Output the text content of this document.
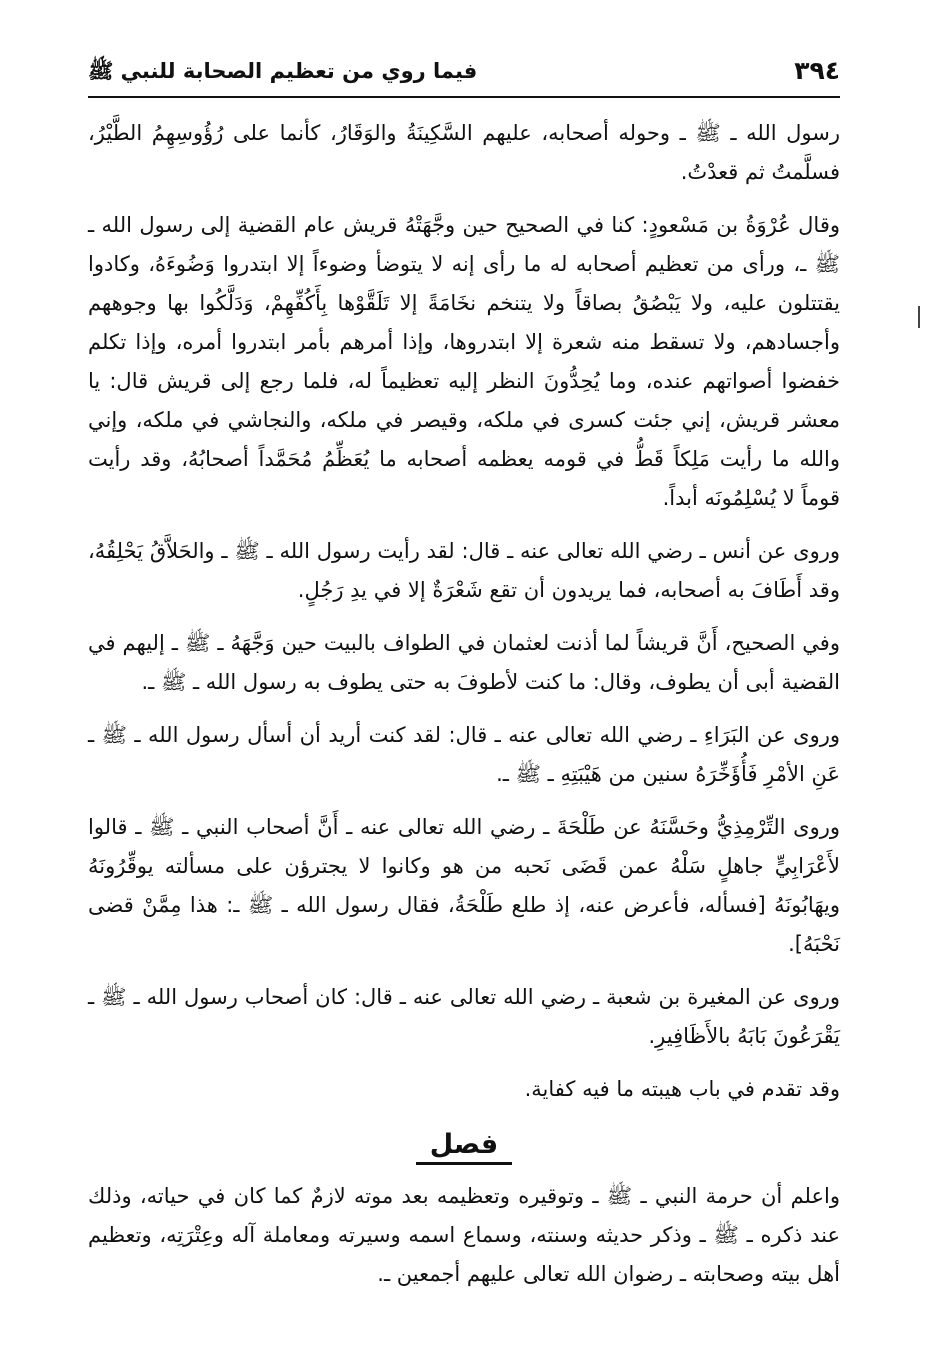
٣٩٤
فيما روي من تعظيم الصحابة للنبي ﷺ

رسول الله ـ ﷺ ـ وحوله أصحابه، عليهم السَّكِينَةُ والوَقَارُ، كأنما على رُؤُوسِهِمُ الطَّيْرُ، فسلَّمتُ ثم قعدْتُ.

وقال عُرْوَةُ بن مَسْعودٍ: كنا في الصحيح حين وجَّهَتْهُ قريش عام القضية إلى رسول الله ـ ﷺ ـ، ورأى من تعظيم أصحابه له ما رأى إنه لا يتوضأ وضوءاً إلا ابتدروا وَضُوءَهُ، وكادوا يقتتلون عليه، ولا يَبْصُقُ بصاقاً ولا يتنخم نخَامَةً إلا تَلَقَّوْها بِأَكُفِّهِمْ، وَدَلَّكُوا بها وجوههم وأجسادهم، ولا تسقط منه شعرة إلا ابتدروها، وإذا أمرهم بأمر ابتدروا أمره، وإذا تكلم خفضوا أصواتهم عنده، وما يُحِدُّونَ النظر إليه تعظيماً له، فلما رجع إلى قريش قال: يا معشر قريش، إني جئت كسرى في ملكه، وقيصر في ملكه، والنجاشي في ملكه، وإني والله ما رأيت مَلِكاً قَطُّ في قومه يعظمه أصحابه ما يُعَظِّمُ مُحَمَّداً أصحابُهُ، وقد رأيت قوماً لا يُسْلِمُونَه أبداً.

وروى عن أنس ـ رضي الله تعالى عنه ـ قال: لقد رأيت رسول الله ـ ﷺ ـ والحَلاَّقُ يَحْلِقُهُ، وقد أَطَافَ به أصحابه، فما يريدون أن تقع شَعْرَةٌ إلا في يدِ رَجُلٍ.

وفي الصحيح، أَنَّ قريشاً لما أذنت لعثمان في الطواف بالبيت حين وَجَّهَهُ ـ ﷺ ـ إليهم في القضية أبى أن يطوف، وقال: ما كنت لأطوفَ به حتى يطوف به رسول الله ـ ﷺ ـ.

وروى عن البَرَاءِ ـ رضي الله تعالى عنه ـ قال: لقد كنت أريد أن أسأل رسول الله ـ ﷺ ـ عَنِ الأمْرِ فَأُؤَخِّرَهُ سنين من هَيْبَتِهِ ـ ﷺ ـ.

وروى التِّرْمِذِيُّ وحَسَّنَهُ عن طَلْحَةَ ـ رضي الله تعالى عنه ـ أَنَّ أصحاب النبي ـ ﷺ ـ قالوا لأَعْرَابِيٍّ جاهلٍ سَلْهُ عمن قَضَى نَحبه من هو وكانوا لا يجترؤن على مسألته يوقِّرُونَهُ ويهَابُونَهُ [فسأله، فأعرض عنه، إذ طلع طَلْحَةُ، فقال رسول الله ـ ﷺ ـ: هذا مِمَّنْ قضى نَحْبَهُ].

وروى عن المغيرة بن شعبة ـ رضي الله تعالى عنه ـ قال: كان أصحاب رسول الله ـ ﷺ ـ يَقْرَعُونَ بَابَهُ بالأَظَافِيرِ.

وقد تقدم في باب هيبته ما فيه كفاية.

فصل

واعلم أن حرمة النبي ـ ﷺ ـ وتوقيره وتعظيمه بعد موته لازمٌ كما كان في حياته، وذلك عند ذكره ـ ﷺ ـ وذكر حديثه وسنته، وسماع اسمه وسيرته ومعاملة آله وعِتْرَتِه، وتعظيم أهل بيته وصحابته ـ رضوان الله تعالى عليهم أجمعين ـ.
